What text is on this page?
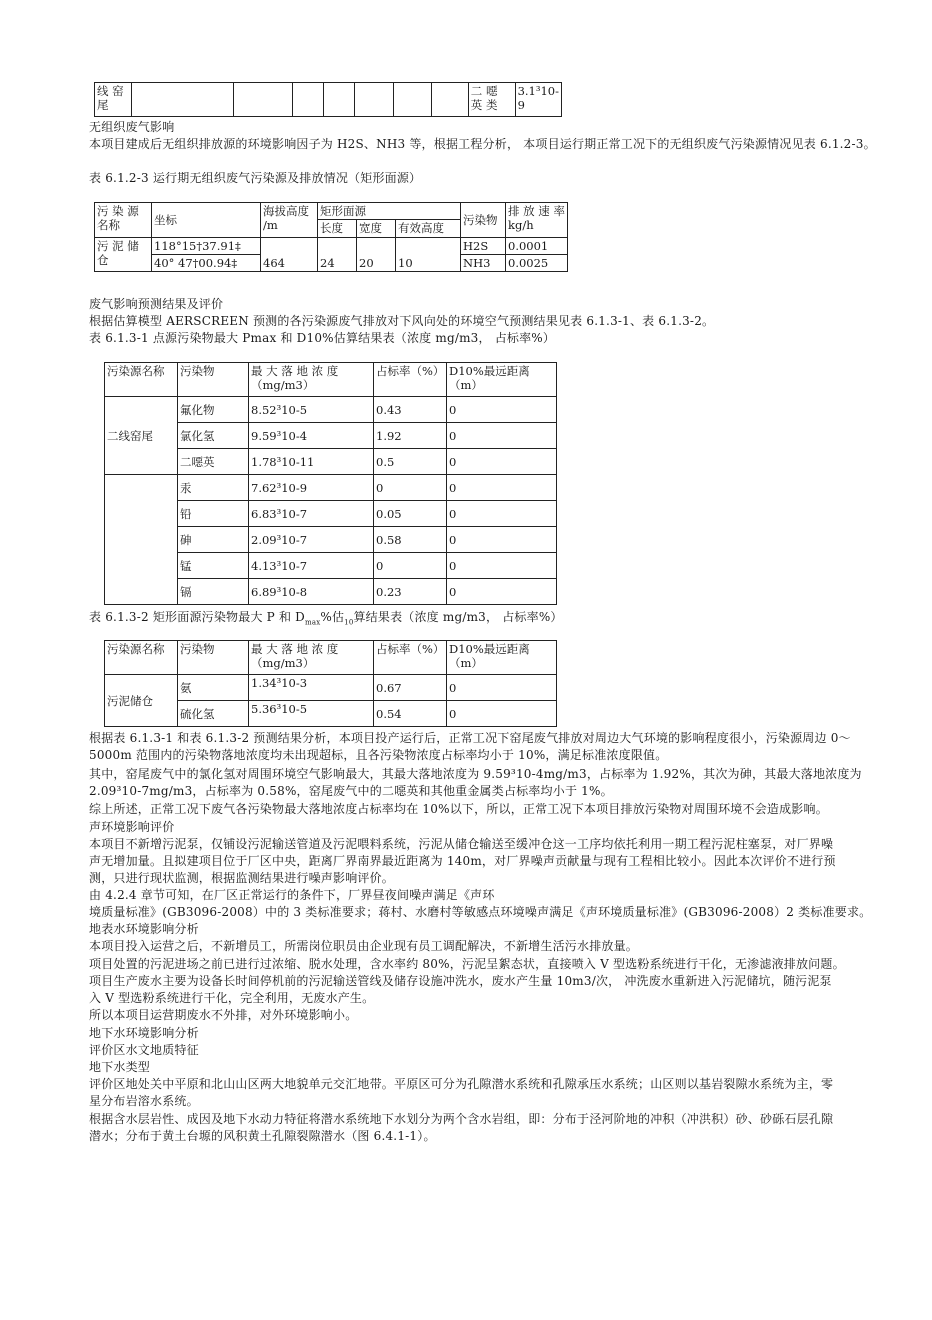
线 窑 尾								二 噁 英 类	3.1³10-9
无组织废气影响
本项目建成后无组织排放源的环境影响因子为 H2S、NH3 等，根据工程分析， 本项目运行期正常工况下的无组织废气污染源情况见表 6.1.2-3。
表 6.1.2-3 运行期无组织废气污染源及排放情况（矩形面源）
污 染 源 名称	坐标	海拔高度 /m	矩形面源			污染物	排 放 速 率 kg/h
			长度	宽度	有效高度		
污 泥 储 仓	118°15†37.91‡	464	24	20	10	H2S	0.0001
	40° 47†00.94‡					NH3	0.0025
废气影响预测结果及评价
根据估算模型 AERSCREEN 预测的各污染源废气排放对下风向处的环境空气预测结果见表 6.1.3-1、表 6.1.3-2。
表 6.1.3-1 点源污染物最大 Pmax 和 D10%估算结果表（浓度 mg/m3， 占标率%）
污染源名称	污染物	最 大 落 地 浓 度
（mg/m3）	占标率（%）	D10%最远距离（m）
二线窑尾	氟化物	8.52³10-5	0.43	0
	氯化氢	9.59³10-4	1.92	0
	二噁英	1.78³10-11	0.5	0
	汞	7.62³10-9	0	0
	铅	6.83³10-7	0.05	0
	砷	2.09³10-7	0.58	0
	锰	4.13³10-7	0	0
	镉	6.89³10-8	0.23	0
表 6.1.3-2 矩形面源污染物最大 P 和 $D_{max}\%$估$_{10}$算结果表（浓度 mg/m3， 占标率%）
污染源名称	污染物	最 大 落 地 浓 度
（mg/m3）	占标率（%）	D10%最远距离（m）
污泥储仓	氨	1.34³10-3	0.67	0
	硫化氢	5.36³10-5	0.54	0
根据表 6.1.3-1 和表 6.1.3-2 预测结果分析，本项目投产运行后，正常工况下窑尾废气排放对周边大气环境的影响程度很小，污染源周边 0～
5000m 范围内的污染物落地浓度均未出现超标，且各污染物浓度占标率均小于 10%，满足标准浓度限值。
其中，窑尾废气中的氯化氢对周围环境空气影响最大，其最大落地浓度为 9.59³10-4mg/m3，占标率为 1.92%，其次为砷，其最大落地浓度为
2.09³10-7mg/m3，占标率为 0.58%，窑尾废气中的二噁英和其他重金属类占标率均小于 1%。
综上所述，正常工况下废气各污染物最大落地浓度占标率均在 10%以下，所以，正常工况下本项目排放污染物对周围环境不会造成影响。
声环境影响评价
本项目不新增污泥泵，仅铺设污泥输送管道及污泥喂料系统，污泥从储仓输送至缓冲仓这一工序均依托利用一期工程污泥柱塞泵，对厂界噪
声无增加量。且拟建项目位于厂区中央，距离厂界南界最近距离为 140m，对厂界噪声贡献量与现有工程相比较小。因此本次评价不进行预
测，只进行现状监测，根据监测结果进行噪声影响评价。
由 4.2.4 章节可知，在厂区正常运行的条件下，厂界昼夜间噪声满足《声环
境质量标准》(GB3096-2008）中的 3 类标准要求；蒋村、水磨村等敏感点环境噪声满足《声环境质量标准》(GB3096-2008）2 类标准要求。
地表水环境影响分析
本项目投入运营之后，不新增员工，所需岗位职员由企业现有员工调配解决，不新增生活污水排放量。
项目处置的污泥进场之前已进行过浓缩、脱水处理，含水率约 80%，污泥呈絮态状，直接喷入 V 型选粉系统进行干化，无渗滤液排放问题。
项目生产废水主要为设备长时间停机前的污泥输送管线及储存设施冲洗水，废水产生量 10m3/次， 冲洗废水重新进入污泥储坑，随污泥泵
入 V 型选粉系统进行干化，完全利用，无废水产生。
所以本项目运营期废水不外排，对外环境影响小。
地下水环境影响分析
评价区水文地质特征
地下水类型
评价区地处关中平原和北山山区两大地貌单元交汇地带。平原区可分为孔隙潜水系统和孔隙承压水系统；山区则以基岩裂隙水系统为主，零
星分布岩溶水系统。
根据含水层岩性、成因及地下水动力特征将潜水系统地下水划分为两个含水岩组，即：分布于泾河阶地的冲积（冲洪积）砂、砂砾石层孔隙
潜水；分布于黄土台塬的风积黄土孔隙裂隙潜水（图 6.4.1-1）。
